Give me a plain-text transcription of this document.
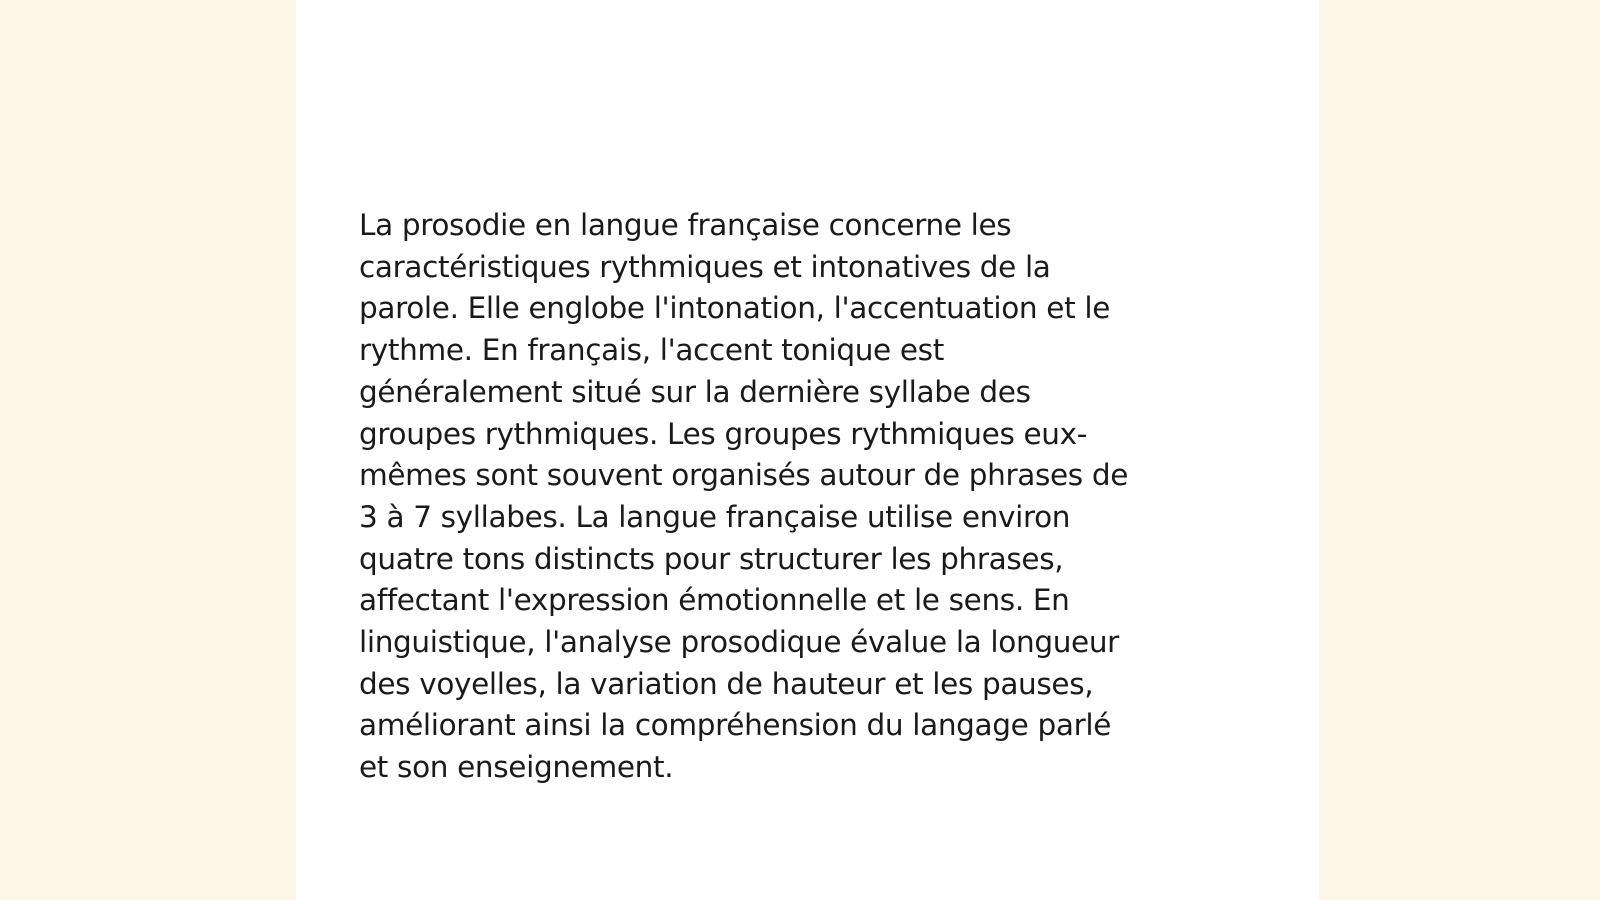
La prosodie en langue française concerne les
caractéristiques rythmiques et intonatives de la
parole. Elle englobe l'intonation, l'accentuation et le
rythme. En français, l'accent tonique est
généralement situé sur la dernière syllabe des
groupes rythmiques. Les groupes rythmiques eux-
mêmes sont souvent organisés autour de phrases de
3 à 7 syllabes. La langue française utilise environ
quatre tons distincts pour structurer les phrases,
affectant l'expression émotionnelle et le sens. En
linguistique, l'analyse prosodique évalue la longueur
des voyelles, la variation de hauteur et les pauses,
améliorant ainsi la compréhension du langage parlé
et son enseignement.
